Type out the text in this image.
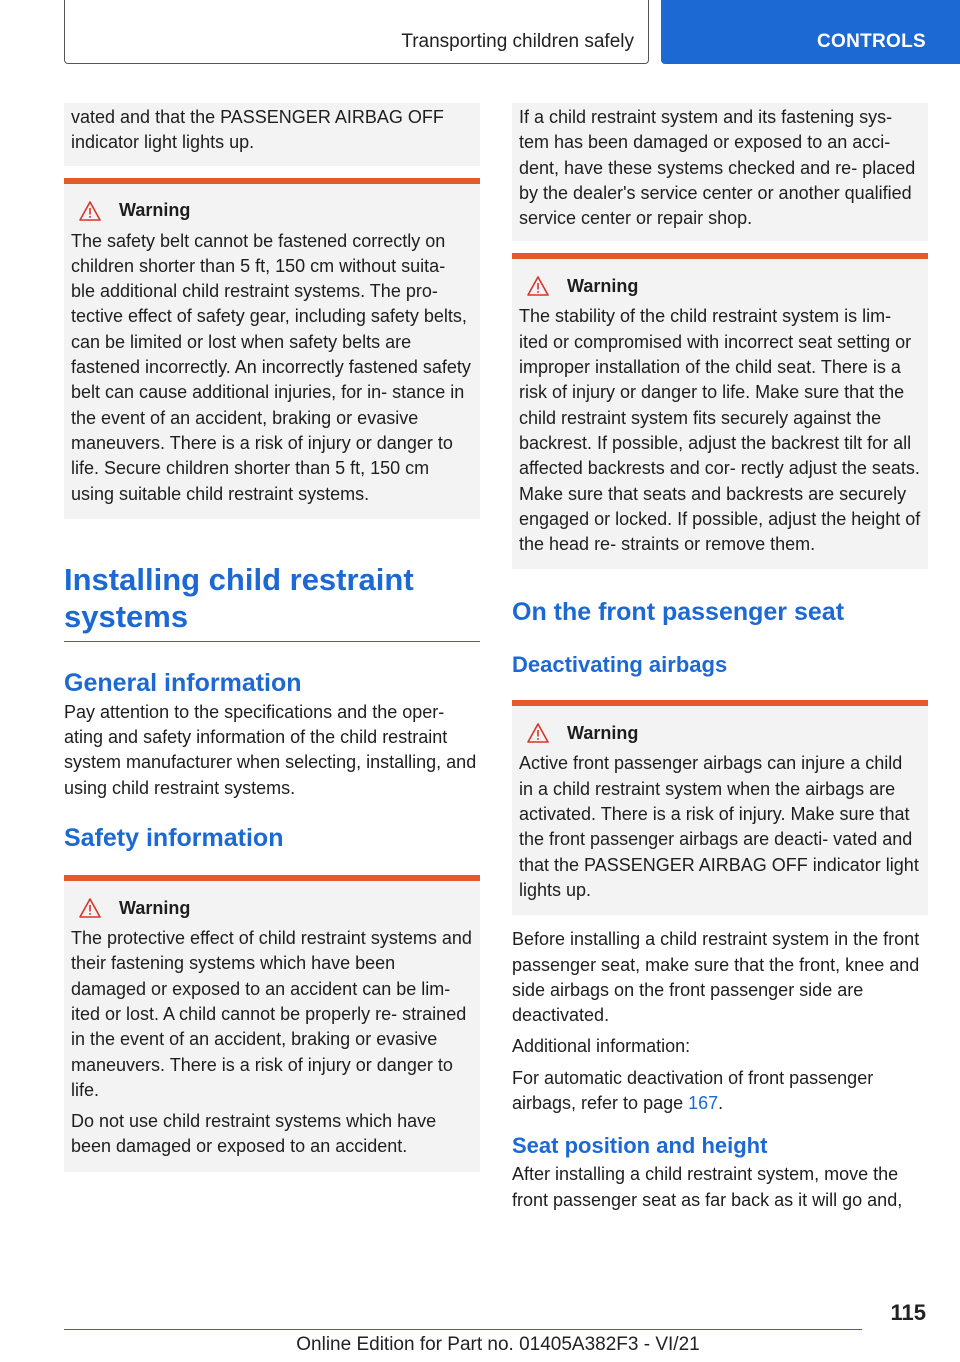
Transporting children safely	CONTROLS

vated and that the PASSENGER AIRBAG OFF indicator light lights up.

Warning

The safety belt cannot be fastened correctly on children shorter than 5 ft, 150 cm without suita- ble additional child restraint systems. The pro- tective effect of safety gear, including safety belts, can be limited or lost when safety belts are fastened incorrectly. An incorrectly fastened safety belt can cause additional injuries, for in- stance in the event of an accident, braking or evasive maneuvers. There is a risk of injury or danger to life. Secure children shorter than 5 ft, 150 cm using suitable child restraint systems.

Installing child restraint systems
General information

Pay attention to the specifications and the oper- ating and safety information of the child restraint system manufacturer when selecting, installing, and using child restraint systems.

Safety information
Warning

The protective effect of child restraint systems and their fastening systems which have been damaged or exposed to an accident can be lim- ited or lost. A child cannot be properly re- strained in the event of an accident, braking or evasive maneuvers. There is a risk of injury or danger to life.

Do not use child restraint systems which have been damaged or exposed to an accident.

If a child restraint system and its fastening sys- tem has been damaged or exposed to an acci- dent, have these systems checked and re- placed by the dealer's service center or another qualified service center or repair shop.

Warning

The stability of the child restraint system is lim- ited or compromised with incorrect seat setting or improper installation of the child seat. There is a risk of injury or danger to life. Make sure that the child restraint system fits securely against the backrest. If possible, adjust the backrest tilt for all affected backrests and cor- rectly adjust the seats. Make sure that seats and backrests are securely engaged or locked. If possible, adjust the height of the head re- straints or remove them.

On the front passenger seat
Deactivating airbags
Warning

Active front passenger airbags can injure a child in a child restraint system when the airbags are activated. There is a risk of injury. Make sure that the front passenger airbags are deacti- vated and that the PASSENGER AIRBAG OFF indicator light lights up.

Before installing a child restraint system in the front passenger seat, make sure that the front, knee and side airbags on the front passenger side are deactivated.

Additional information:

For automatic deactivation of front passenger airbags, refer to page 167.

Seat position and height

After installing a child restraint system, move the front passenger seat as far back as it will go and,

115
Online Edition for Part no. 01405A382F3 - VI/21
